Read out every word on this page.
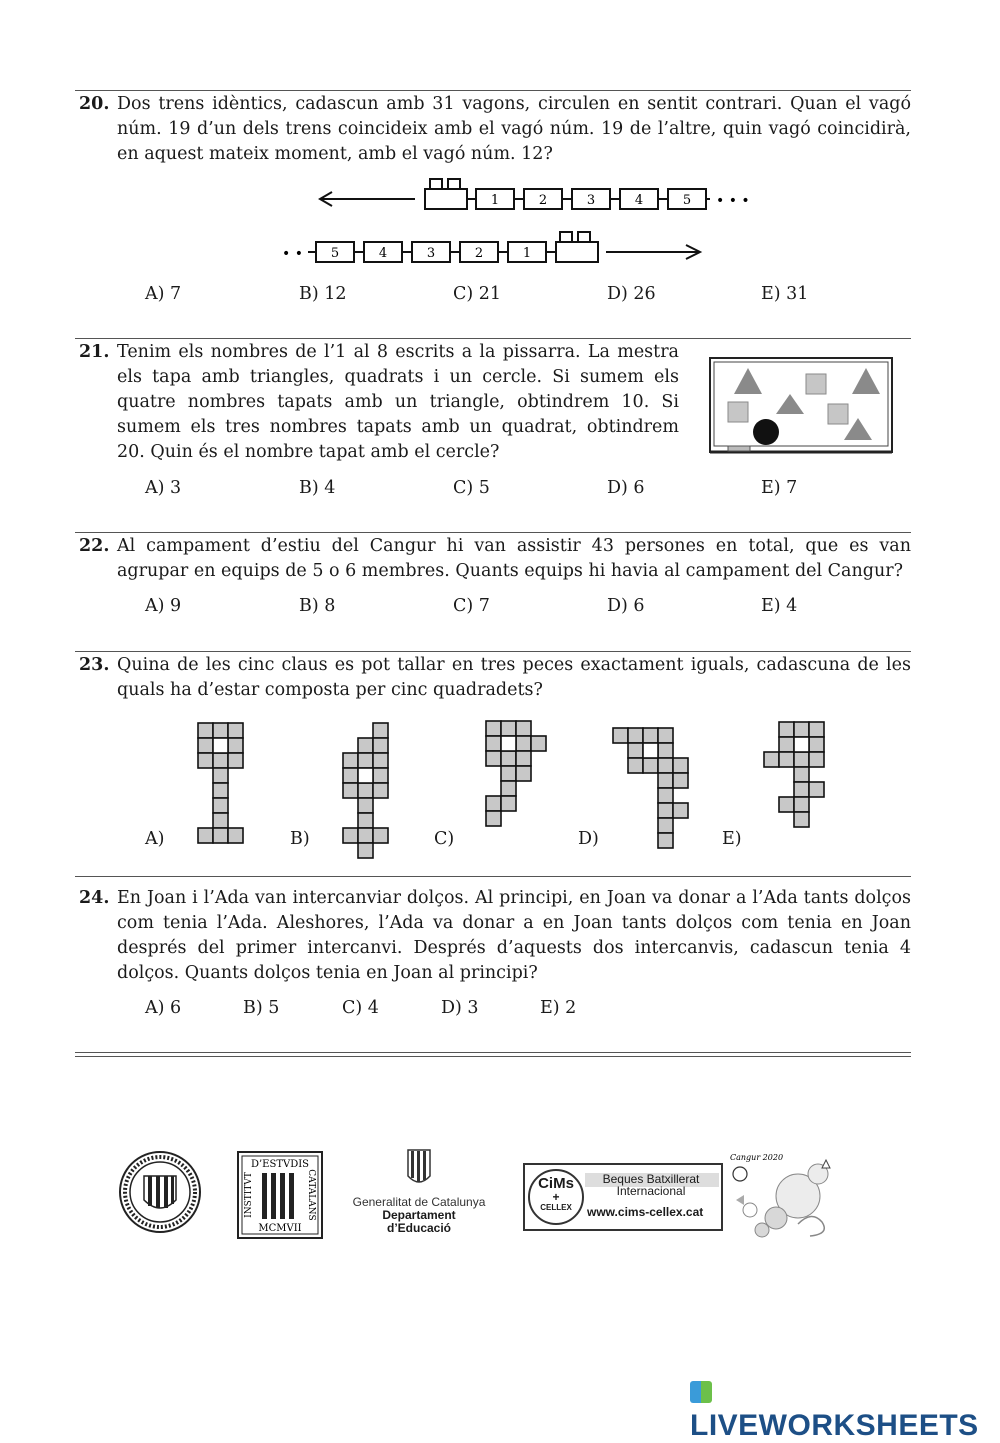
20. Dos trens idèntics, cadascun amb 31 vagons, circulen en sentit contrari. Quan el vagó núm. 19 d’un dels trens coincideix amb el vagó núm. 19 de l’altre, quin vagó coincidirà, en aquest mateix moment, amb el vagó núm. 12?
1	2	3	4	5 • • •
• • 5	4	3	2	1
A) 7	B) 12	C) 21	D) 26	E) 31
21. Tenim els nombres de l’1 al 8 escrits a la pissarra. La mestra els tapa amb triangles, quadrats i un cercle. Si sumem els quatre nombres tapats amb un triangle, obtindrem 10. Si sumem els tres nombres tapats amb un quadrat, obtindrem 20. Quin és el nombre tapat amb el cercle?
A) 3	B) 4	C) 5	D) 6	E) 7
22. Al campament d’estiu del Cangur hi van assistir 43 persones en total, que es van agrupar en equips de 5 o 6 membres. Quants equips hi havia al campament del Cangur?
A) 9	B) 8	C) 7	D) 6	E) 4
23. Quina de les cinc claus es pot tallar en tres peces exactament iguals, cadascuna de les quals ha d’estar composta per cinc quadradets?
A)	B)	C)	D)	E)
24. En Joan i l’Ada van intercanviar dolços. Al principi, en Joan va donar a l’Ada tants dolços com tenia l’Ada. Aleshores, l’Ada va donar a en Joan tants dolços com tenia en Joan després del primer intercanvi. Després d’aquests dos intercanvis, cadascun tenia 4 dolços. Quants dolços tenia en Joan al principi?
A) 6	B) 5	C) 4	D) 3	E) 2
D’ESTVDIS
MCMVII
INSTITVT	CATALANS	Generalitat de Catalunya
Departament
d’Educació
CiMs
+
CELLEX
Beques Batxillerat
Internacional
www.cims-cellex.cat
Cangur 2020
LIVEWORKSHEETS
